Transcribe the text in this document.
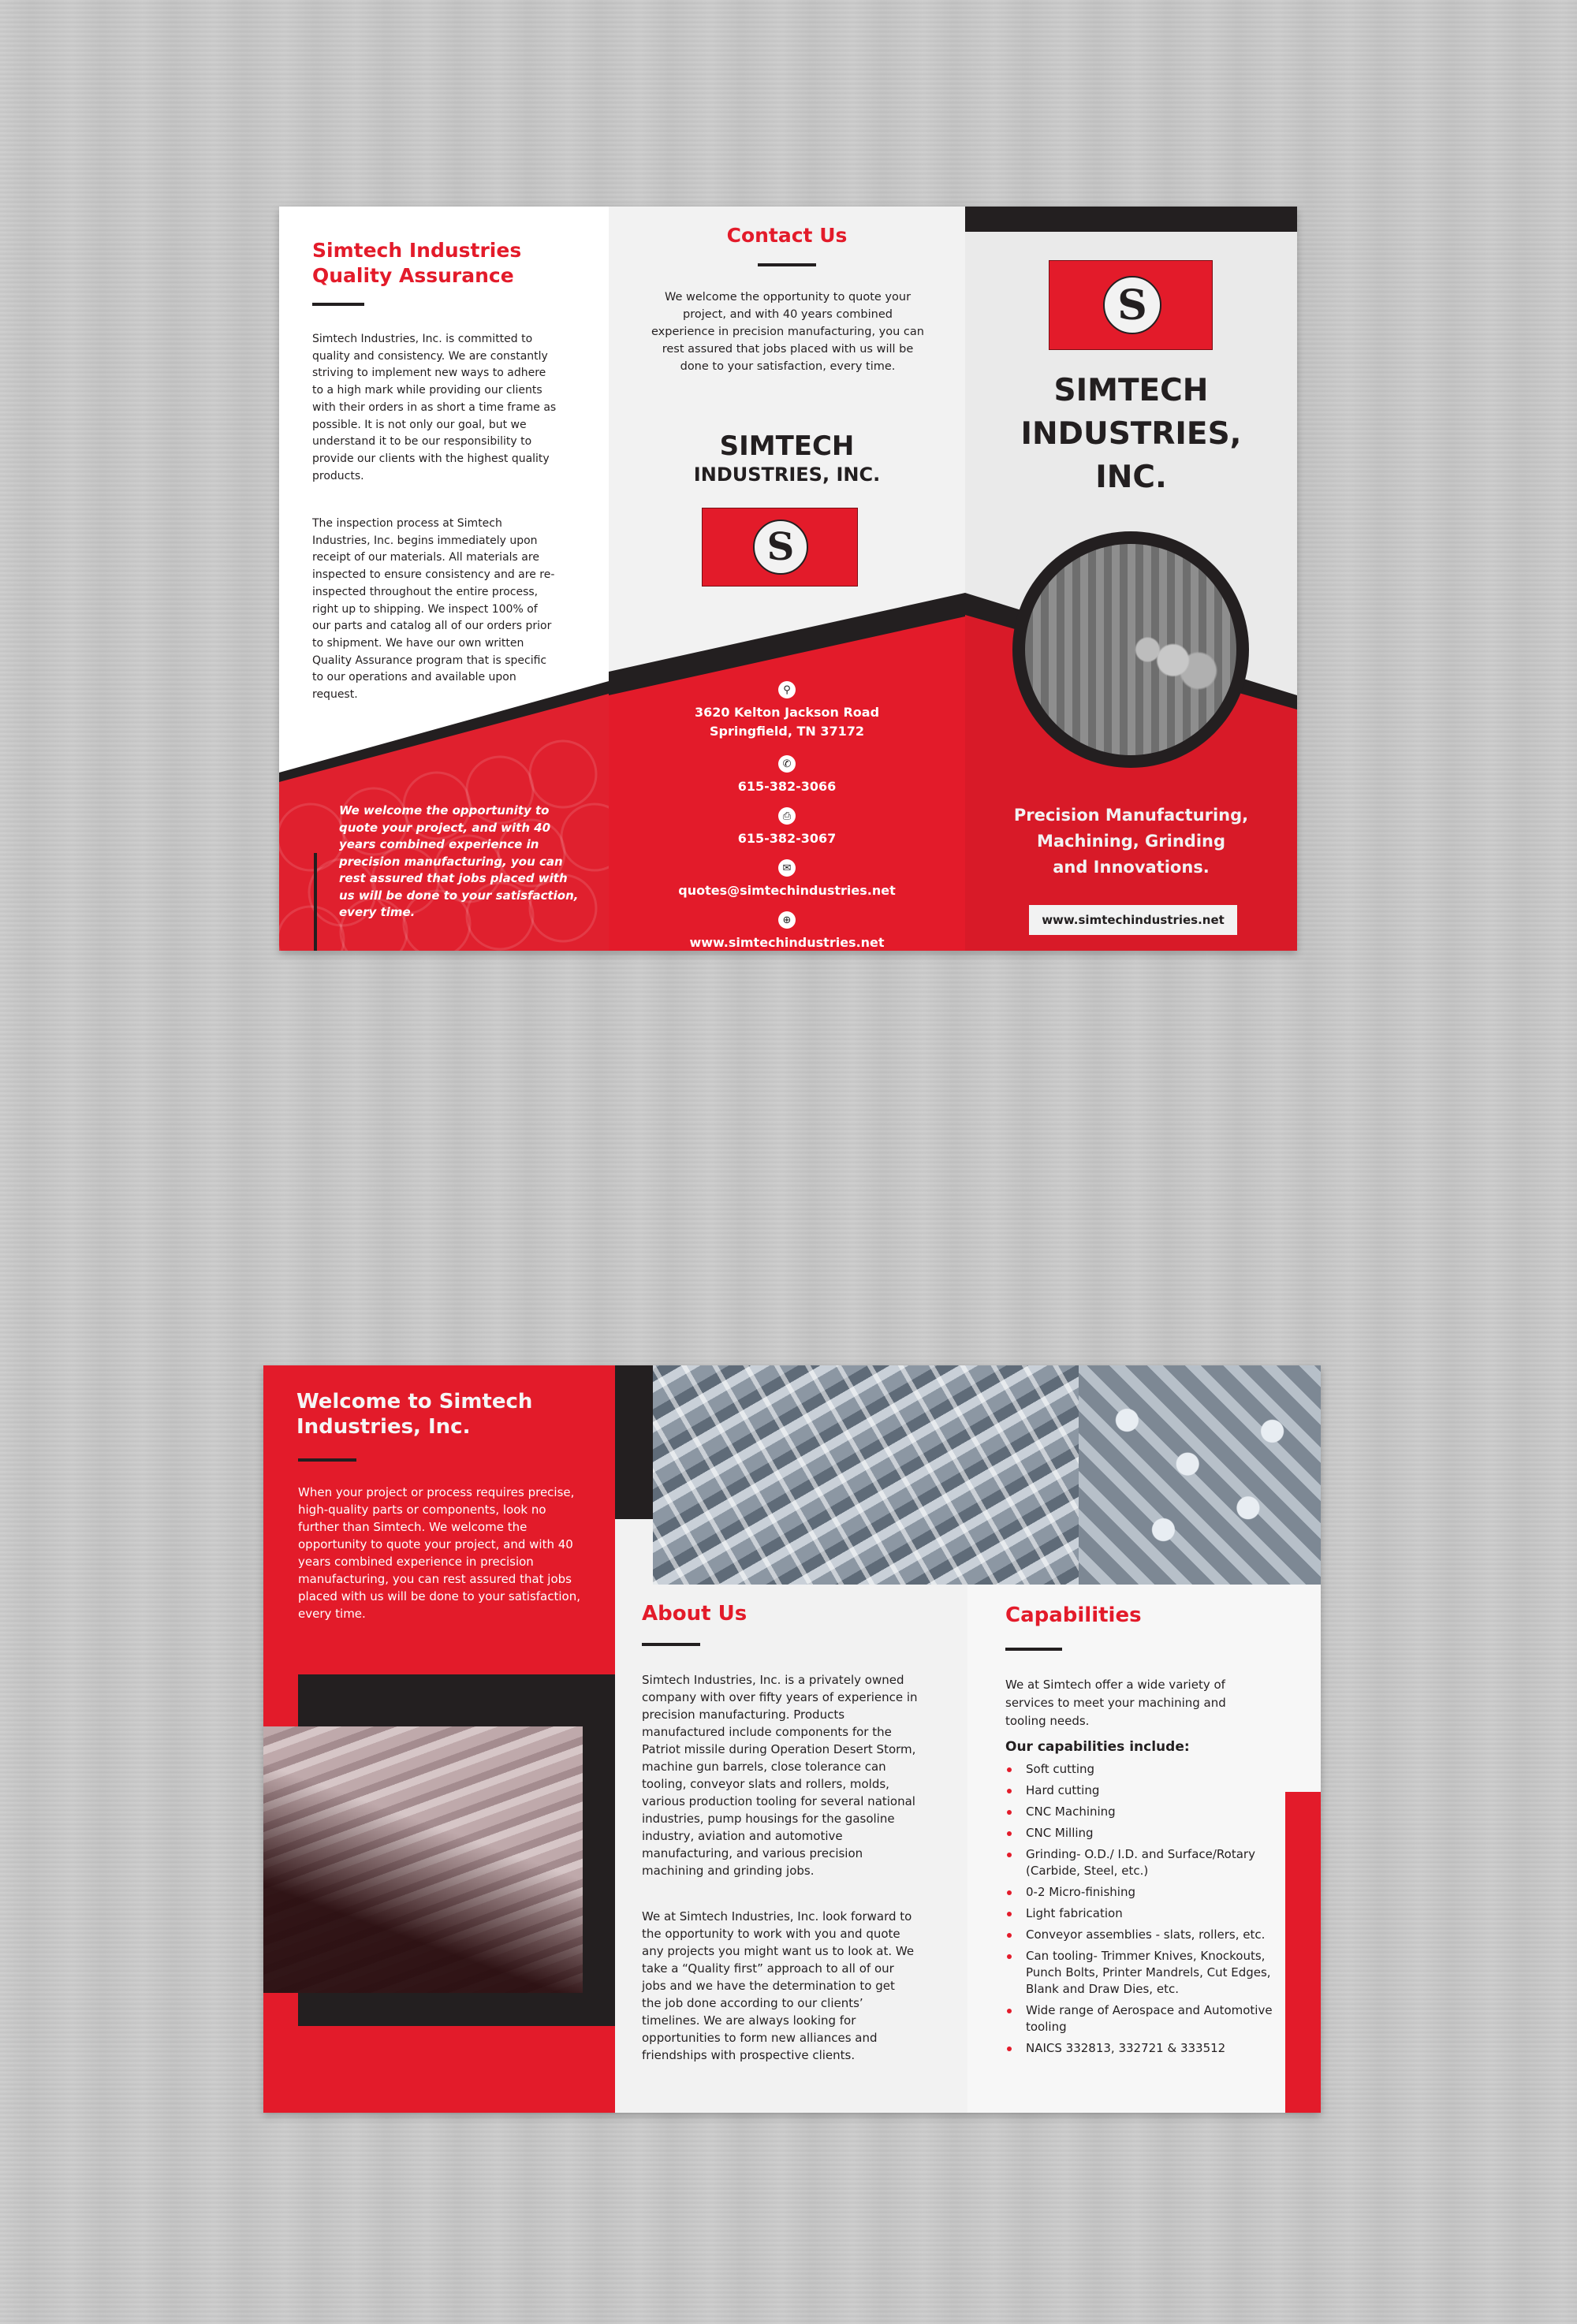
Simtech Industries
Quality Assurance
Simtech Industries, Inc. is committed to quality and consistency. We are constantly striving to implement new ways to adhere to a high mark while providing our clients with their orders in as short a time frame as possible. It is not only our goal, but we understand it to be our responsibility to provide our clients with the highest quality products.
The inspection process at Simtech Industries, Inc. begins immediately upon receipt of our materials. All materials are inspected to ensure consistency and are re-inspected throughout the entire process, right up to shipping. We inspect 100% of our parts and catalog all of our orders prior to shipment. We have our own written Quality Assurance program that is specific to our operations and available upon request.
We welcome the opportunity to quote your project, and with 40 years combined experience in precision manufacturing, you can rest assured that jobs placed with us will be done to your satisfaction, every time.
Contact Us
We welcome the opportunity to quote your project, and with 40 years combined experience in precision manufacturing, you can rest assured that jobs placed with us will be done to your satisfaction, every time.
SIMTECH
INDUSTRIES, INC.
S
⚲
3620 Kelton Jackson Road
Springfield, TN 37172
✆
615-382-3066
⎙
615-382-3067
✉
quotes@simtechindustries.net
⊕
www.simtechindustries.net
S
SIMTECH
INDUSTRIES,
INC.
Precision Manufacturing,
Machining, Grinding
and Innovations.
www.simtechindustries.net
Welcome to Simtech
Industries, Inc.
When your project or process requires precise, high-quality parts or components, look no further than Simtech. We welcome the opportunity to quote your project, and with 40 years combined experience in precision manufacturing, you can rest assured that jobs placed with us will be done to your satisfaction, every time.	About Us
Simtech Industries, Inc. is a privately owned company with over fifty years of experience in precision manufacturing. Products manufactured include components for the Patriot missile during Operation Desert Storm, machine gun barrels, close tolerance can tooling, conveyor slats and rollers, molds, various production tooling for several national industries, pump housings for the gasoline industry, aviation and automotive manufacturing, and various precision machining and grinding jobs.
We at Simtech Industries, Inc. look forward to the opportunity to work with you and quote any projects you might want us to look at. We take a “Quality first” approach to all of our jobs and we have the determination to get the job done according to our clients’ timelines. We are always looking for opportunities to form new alliances and friendships with prospective clients.
Capabilities
We at Simtech offer a wide variety of services to meet your machining and tooling needs.
Our capabilities include:
Soft cutting
Hard cutting
CNC Machining
CNC Milling
Grinding- O.D./ I.D. and Surface/Rotary (Carbide, Steel, etc.)
0-2 Micro-finishing
Light fabrication
Conveyor assemblies - slats, rollers, etc.
Can tooling- Trimmer Knives, Knockouts, Punch Bolts, Printer Mandrels, Cut Edges, Blank and Draw Dies, etc.
Wide range of Aerospace and Automotive tooling
NAICS 332813, 332721 & 333512
